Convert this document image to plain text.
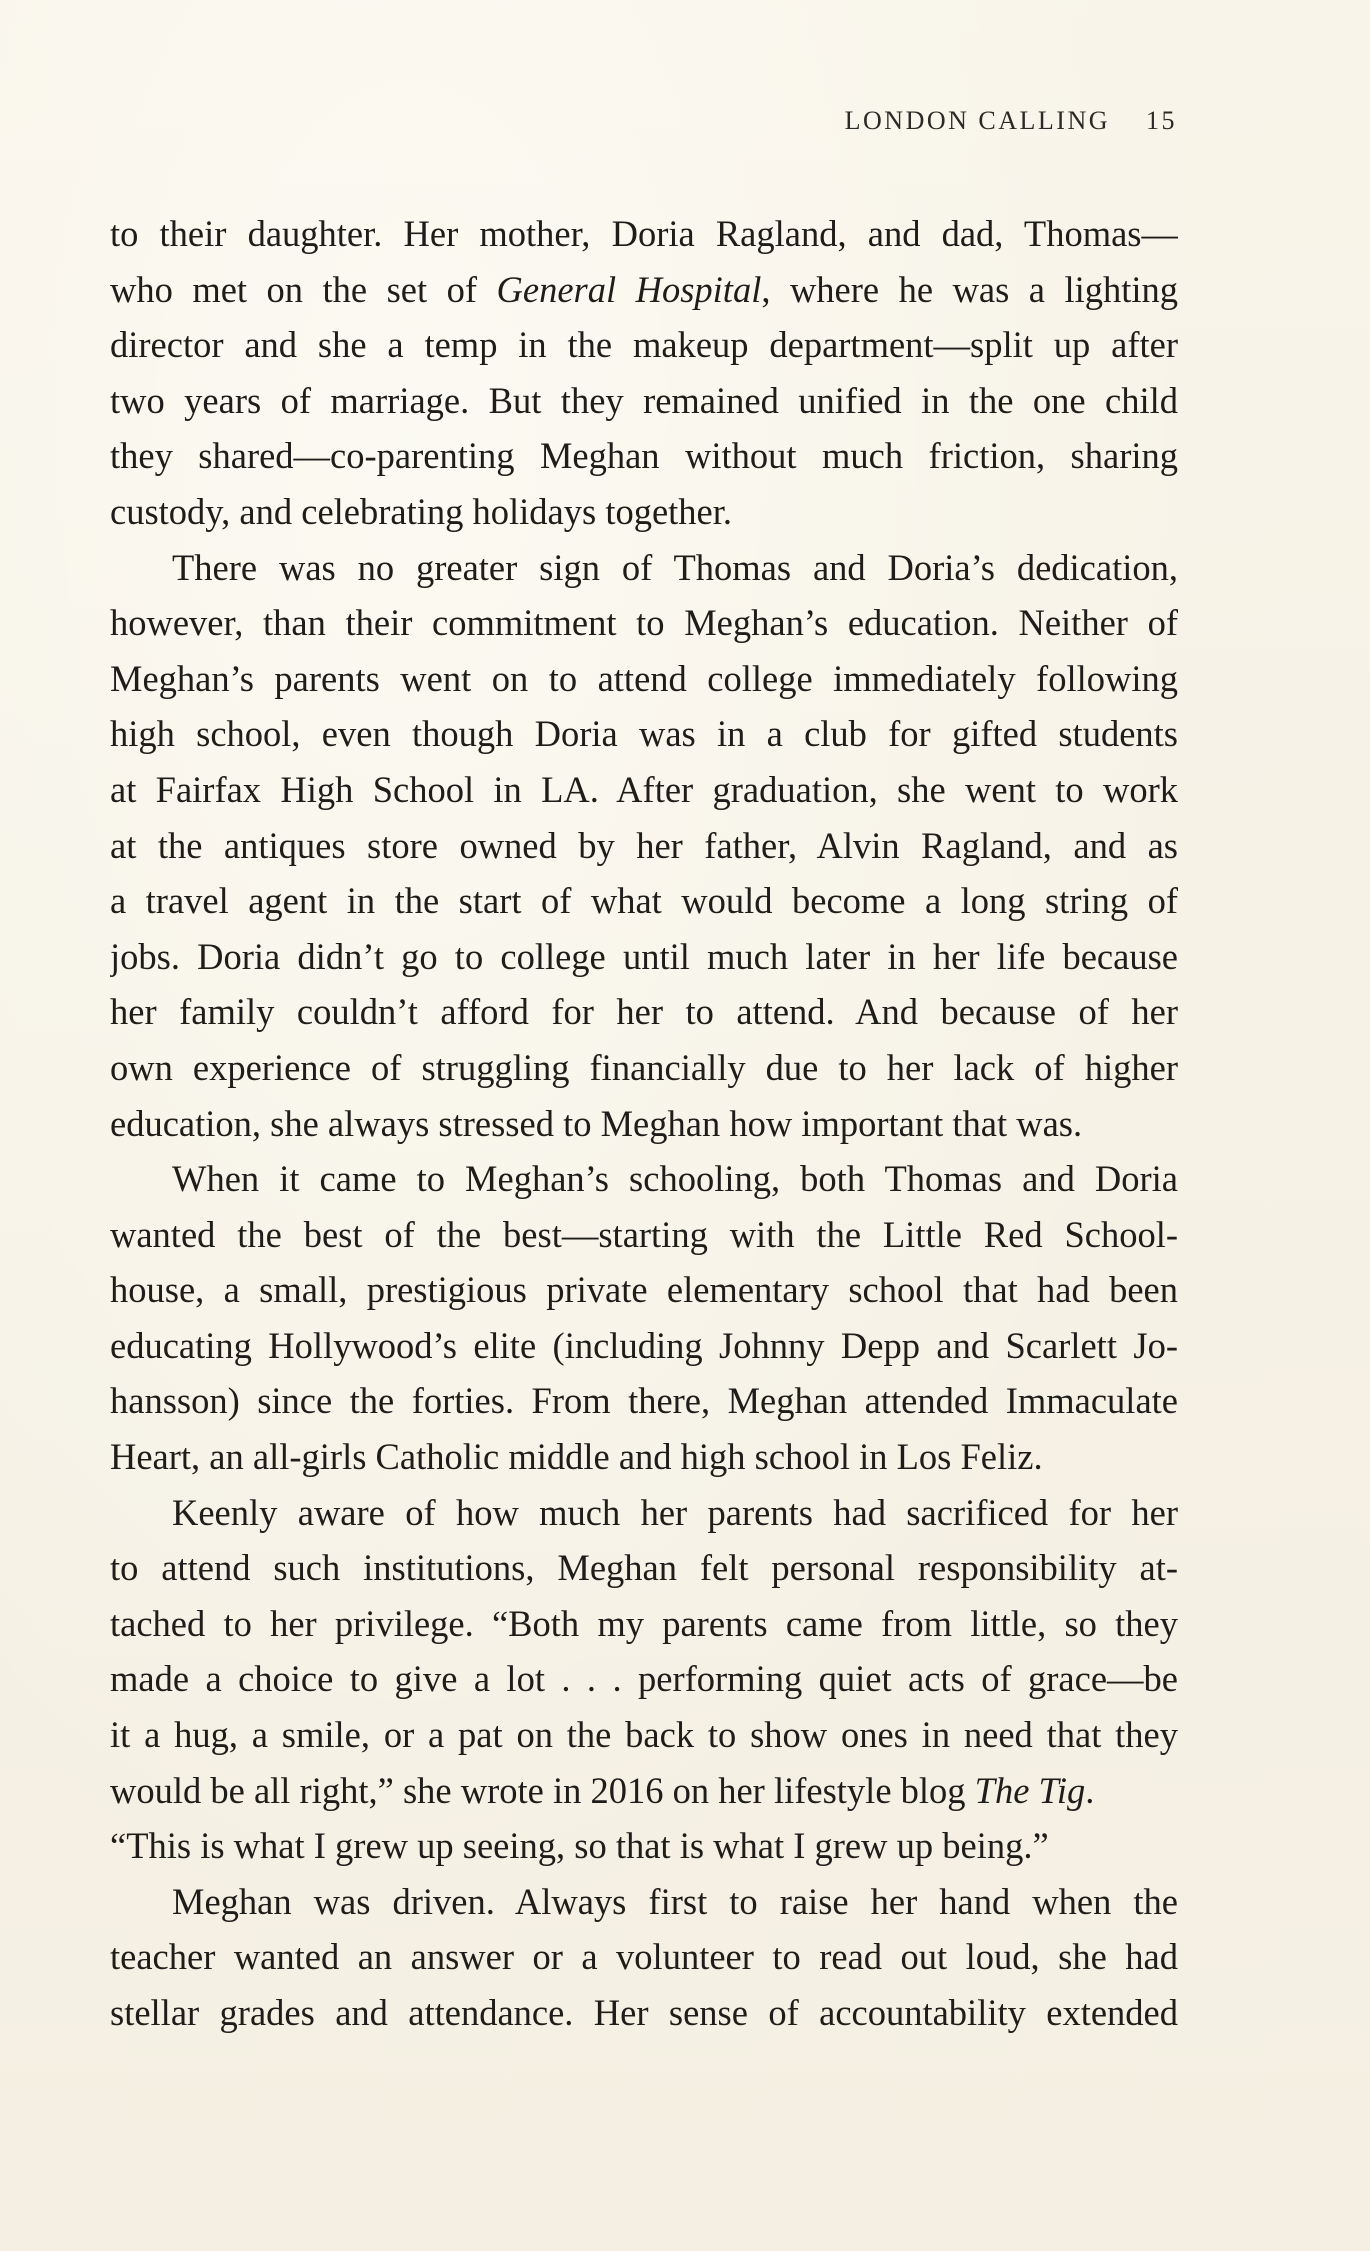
LONDON CALLING 15
to their daughter. Her mother, Doria Ragland, and dad, Thomas—
who met on the set of General Hospital, where he was a lighting
director and she a temp in the makeup department—split up after
two years of marriage. But they remained unified in the one child
they shared—co-parenting Meghan without much friction, sharing
custody, and celebrating holidays together.
There was no greater sign of Thomas and Doria’s dedication,
however, than their commitment to Meghan’s education. Neither of
Meghan’s parents went on to attend college immediately following
high school, even though Doria was in a club for gifted students
at Fairfax High School in LA. After graduation, she went to work
at the antiques store owned by her father, Alvin Ragland, and as
a travel agent in the start of what would become a long string of
jobs. Doria didn’t go to college until much later in her life because
her family couldn’t afford for her to attend. And because of her
own experience of struggling financially due to her lack of higher
education, she always stressed to Meghan how important that was.
When it came to Meghan’s schooling, both Thomas and Doria
wanted the best of the best—starting with the Little Red School-
house, a small, prestigious private elementary school that had been
educating Hollywood’s elite (including Johnny Depp and Scarlett Jo-
hansson) since the forties. From there, Meghan attended Immaculate
Heart, an all-girls Catholic middle and high school in Los Feliz.
Keenly aware of how much her parents had sacrificed for her
to attend such institutions, Meghan felt personal responsibility at-
tached to her privilege. “Both my parents came from little, so they
made a choice to give a lot . . . performing quiet acts of grace—be
it a hug, a smile, or a pat on the back to show ones in need that they
would be all right,” she wrote in 2016 on her lifestyle blog The Tig.
“This is what I grew up seeing, so that is what I grew up being.”
Meghan was driven. Always first to raise her hand when the
teacher wanted an answer or a volunteer to read out loud, she had
stellar grades and attendance. Her sense of accountability extended
